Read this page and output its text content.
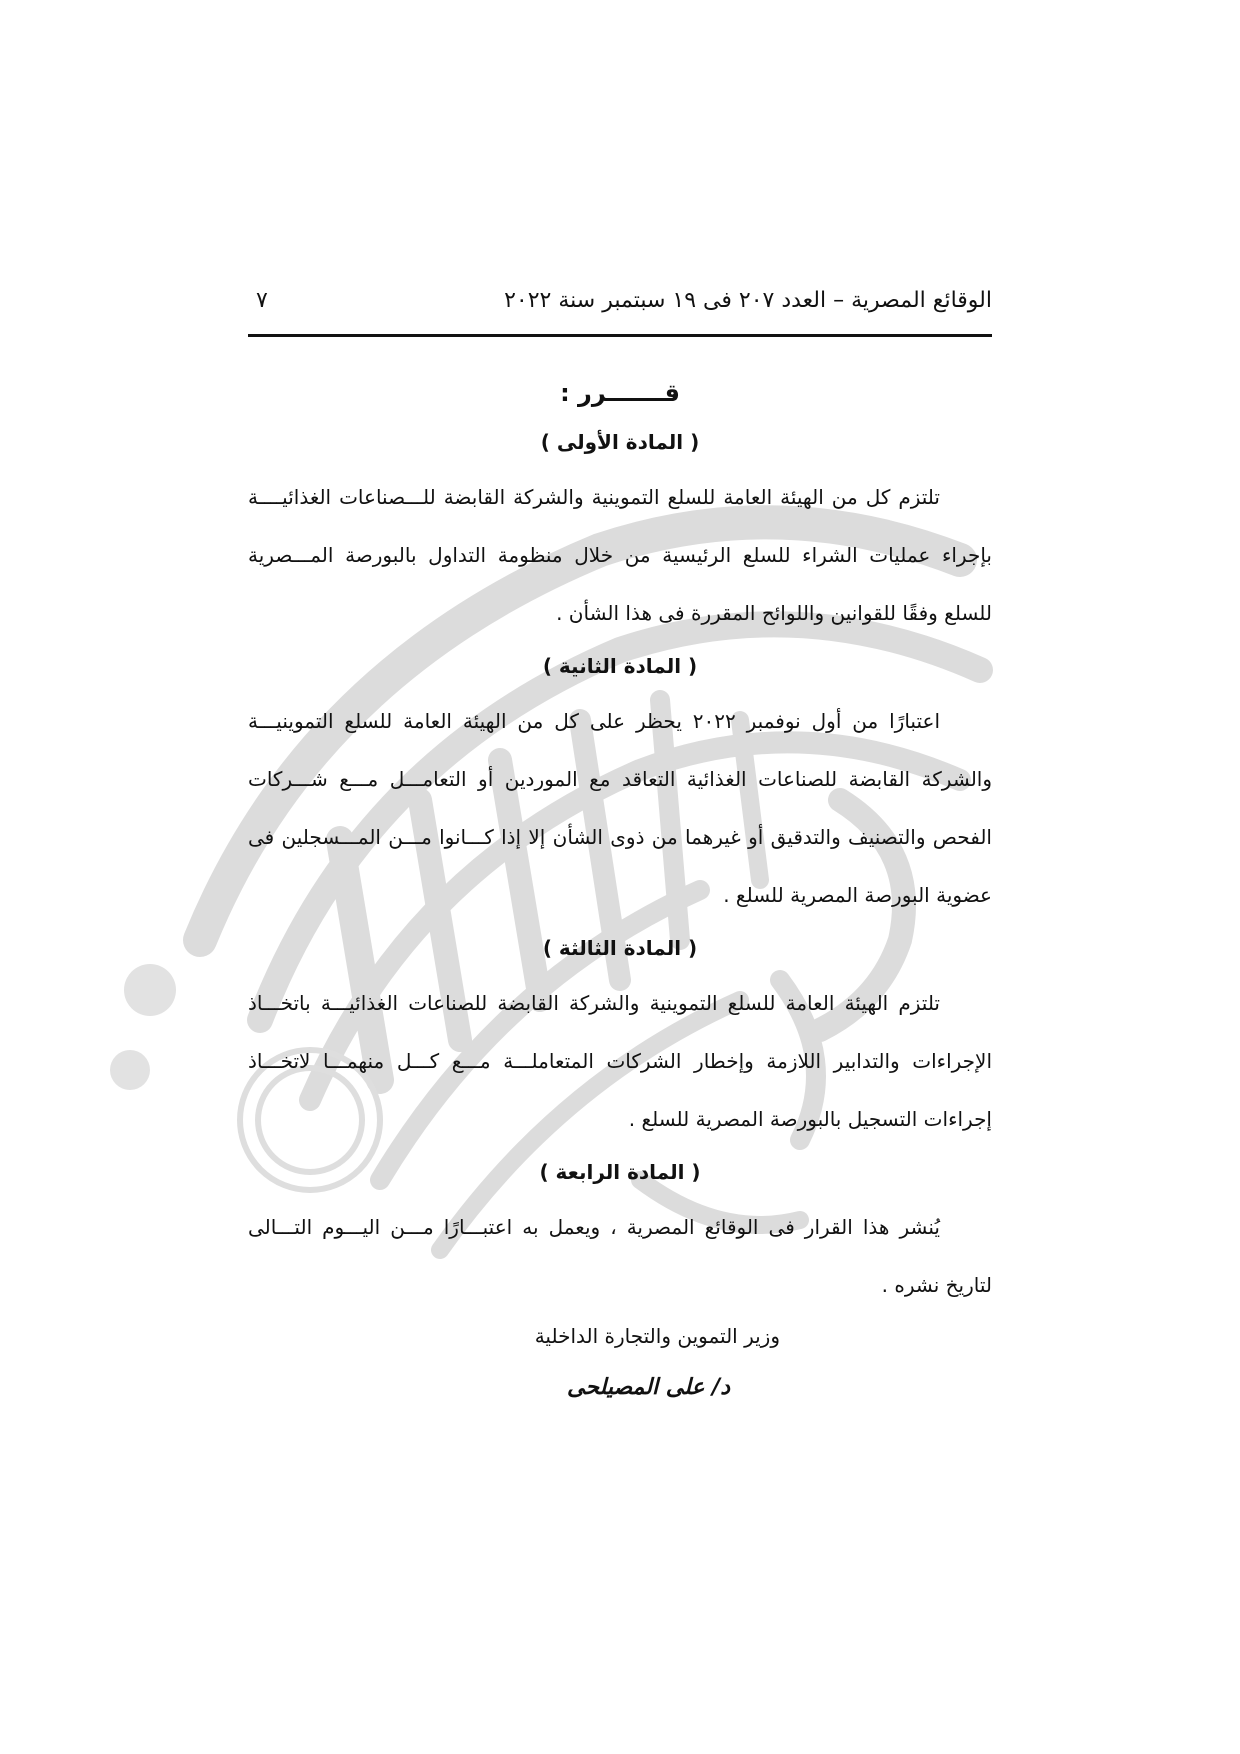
الوقائع المصرية – العدد ٢٠٧ فى ١٩ سبتمبر سنة ٢٠٢٢
٧
قـــــــرر :
( المادة الأولى )

تلتزم كل من الهيئة العامة للسلع التموينية والشركة القابضة للـــصناعات الغذائيــــة بإجراء عمليات الشراء للسلع الرئيسية من خلال منظومة التداول بالبورصة المـــصرية للسلع وفقًا للقوانين واللوائح المقررة فى هذا الشأن .

( المادة الثانية )

اعتبارًا من أول نوفمبر ٢٠٢٢ يحظر على كل من الهيئة العامة للسلع التموينيـــة والشركة القابضة للصناعات الغذائية التعاقد مع الموردين أو التعامـــل مـــع شـــركات الفحص والتصنيف والتدقيق أو غيرهما من ذوى الشأن إلا إذا كـــانوا مـــن المـــسجلين فى عضوية البورصة المصرية للسلع .

( المادة الثالثة )

تلتزم الهيئة العامة للسلع التموينية والشركة القابضة للصناعات الغذائيـــة باتخـــاذ الإجراءات والتدابير اللازمة وإخطار الشركات المتعاملـــة مـــع كـــل منهمـــا لاتخـــاذ إجراءات التسجيل بالبورصة المصرية للسلع .

( المادة الرابعة )

يُنشر هذا القرار فى الوقائع المصرية ، ويعمل به اعتبـــارًا مـــن اليـــوم التـــالى لتاريخ نشره .

وزير التموين والتجارة الداخلية
د/ على المصيلحى
